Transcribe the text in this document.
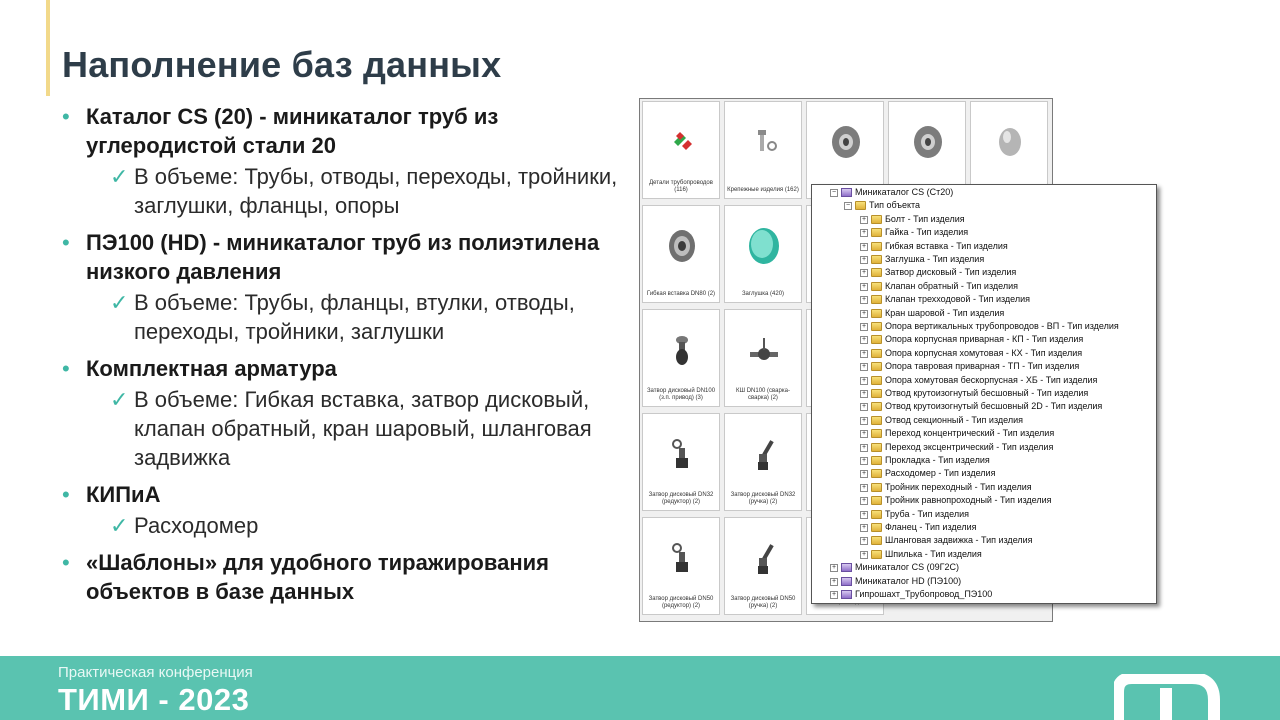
Наполнение баз данных
• Каталог CS (20) - миникаталог труб из углеродистой стали 20
✓ В объеме: Трубы, отводы, переходы, тройники, заглушки, фланцы, опоры
• ПЭ100 (HD) - миникаталог труб из полиэтилена низкого давления
✓ В объеме: Трубы, фланцы, втулки, отводы, переходы, тройники, заглушки
• Комплектная арматура
✓ В объеме: Гибкая вставка, затвор дисковый, клапан обратный, кран шаровый, шланговая задвижка
• КИПиА
✓ Расходомер
• «Шаблоны» для удобного тиражирования объектов в базе данных
Детали трубопроводов (116)	Крепежные изделия (162)
Гибкая вставка DN80 (2)	Заглушка (420)
Затвор дисковый DN100 (з.п. привод) (3)
КШ DN100 (сварка-сварка) (2)
Затвор дисковый DN32 (редуктор) (2)
Затвор дисковый DN32 (ручка) (2)
Затвор дисковый DN50 (редуктор) (2)
Затвор дисковый DN50 (ручка) (2)
− Миникаталог CS (Ст20)
− Тип объекта
+ Болт - Тип изделия
+ Гайка - Тип изделия
+ Гибкая вставка - Тип изделия
+ Заглушка - Тип изделия
+ Затвор дисковый - Тип изделия
+ Клапан обратный - Тип изделия
+ Клапан трехходовой - Тип изделия
+ Кран шаровой - Тип изделия
+ Опора вертикальных трубопроводов - ВП - Тип изделия
+ Опора корпусная приварная - КП - Тип изделия
+ Опора корпусная хомутовая - КХ - Тип изделия
+ Опора тавровая приварная - ТП - Тип изделия
+ Опора хомутовая бескорпусная - ХБ - Тип изделия
+ Отвод крутоизогнутый бесшовный - Тип изделия
+ Отвод крутоизогнутый бесшовный 2D - Тип изделия
+ Отвод секционный - Тип изделия
+ Переход концентрический - Тип изделия
+ Переход эксцентрический - Тип изделия
+ Прокладка - Тип изделия
+ Расходомер - Тип изделия
+ Тройник переходный - Тип изделия
+ Тройник равнопроходный - Тип изделия
+ Труба - Тип изделия
+ Фланец - Тип изделия
+ Шланговая задвижка - Тип изделия
+ Шпилька - Тип изделия
+ Миникаталог CS (09Г2С)
+ Миникаталог HD (ПЭ100)
+ Гипрошахт_Трубопровод_ПЭ100
Практическая конференция
ТИМИ - 2023
